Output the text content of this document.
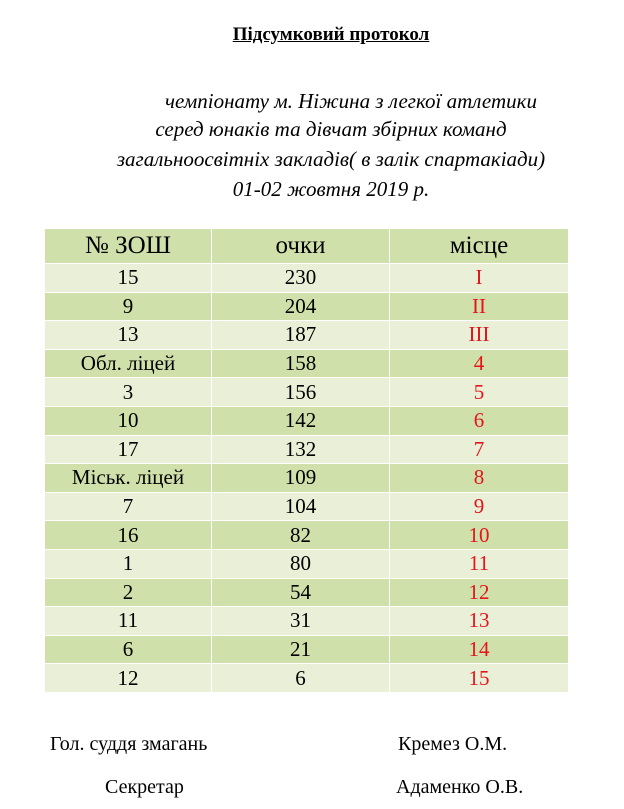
Підсумковий протокол
чемпіонату м. Ніжина з легкої атлетики
серед юнаків та дівчат збірних команд
загальноосвітніх закладів( в залік спартакіади)
01-02 жовтня 2019 р.
№ ЗОШ	очки	місце
15	230	I
9	204	II
13	187	III
Обл. ліцей	158	4
3	156	5
10	142	6
17	132	7
Міськ. ліцей	109	8
7	104	9
16	82	10
1	80	11
2	54	12
11	31	13
6	21	14
12	6	15
Гол. суддя змагань	Кремез О.М.
Секретар	Адаменко О.В.
